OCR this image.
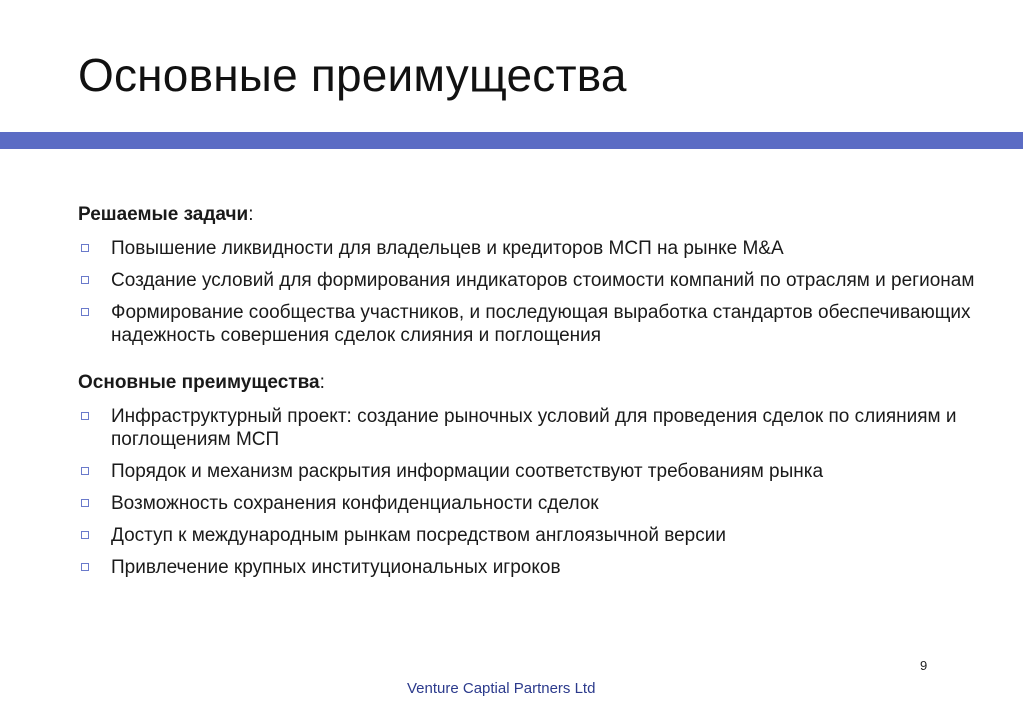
Основные преимущества

Решаемые задачи:

Повышение ликвидности для владельцев и кредиторов МСП на рынке M&A
Создание условий для формирования индикаторов стоимости компаний по отраслям и регионам
Формирование сообщества участников, и последующая выработка стандартов обеспечивающих надежность совершения сделок слияния и поглощения

Основные преимущества:

Инфраструктурный проект: создание рыночных условий для проведения сделок по слияниям и поглощениям МСП
Порядок и механизм раскрытия информации соответствуют требованиям рынка
Возможность сохранения конфиденциальности сделок
Доступ к международным рынкам посредством англоязычной версии
Привлечение крупных институциональных игроков
9
Venture Captial Partners Ltd
